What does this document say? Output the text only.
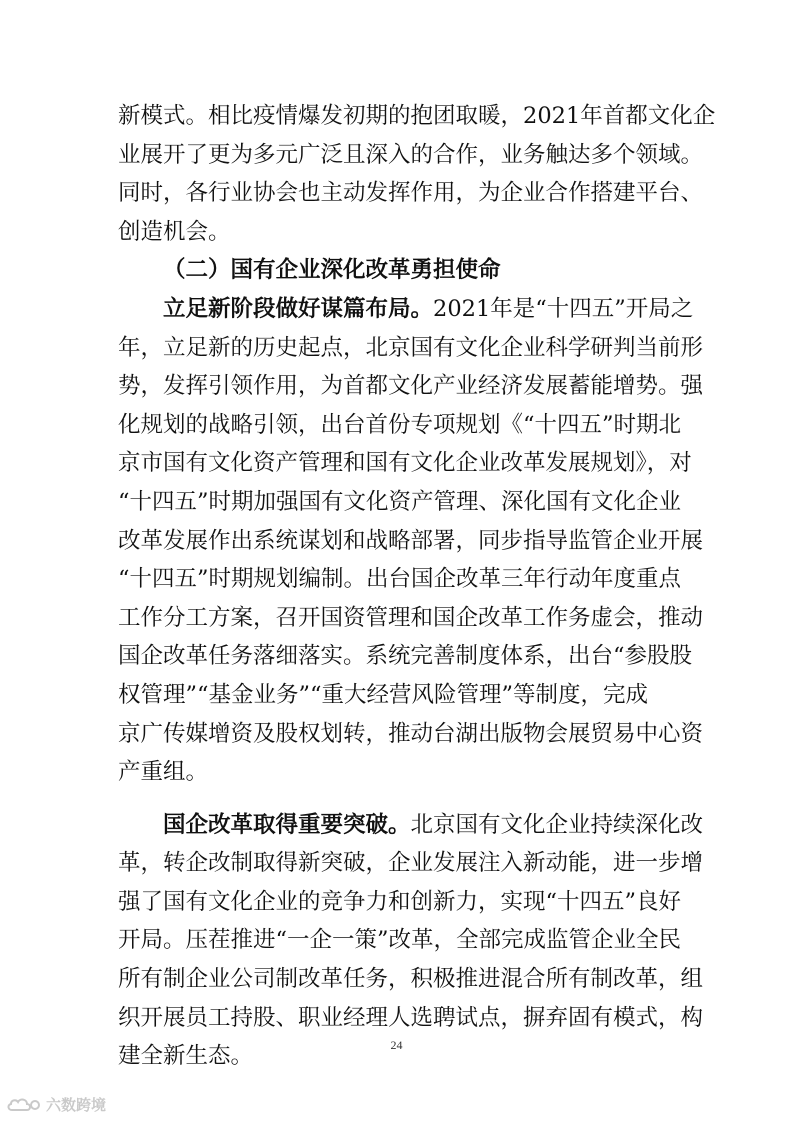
新模式。相比疫情爆发初期的抱团取暖，2021年首都文化企
业展开了更为多元广泛且深入的合作，业务触达多个领域。
同时，各行业协会也主动发挥作用，为企业合作搭建平台、
创造机会。
（二）国有企业深化改革勇担使命
立足新阶段做好谋篇布局。2021年是“十四五”开局之
年，立足新的历史起点，北京国有文化企业科学研判当前形
势，发挥引领作用，为首都文化产业经济发展蓄能增势。强
化规划的战略引领，出台首份专项规划《“十四五”时期北
京市国有文化资产管理和国有文化企业改革发展规划》，对
“十四五”时期加强国有文化资产管理、深化国有文化企业
改革发展作出系统谋划和战略部署，同步指导监管企业开展
“十四五”时期规划编制。出台国企改革三年行动年度重点
工作分工方案，召开国资管理和国企改革工作务虚会，推动
国企改革任务落细落实。系统完善制度体系，出台“参股股
权管理”“基金业务”“重大经营风险管理”等制度，完成
京广传媒增资及股权划转，推动台湖出版物会展贸易中心资
产重组。
国企改革取得重要突破。北京国有文化企业持续深化改
革，转企改制取得新突破，企业发展注入新动能，进一步增
强了国有文化企业的竞争力和创新力，实现“十四五”良好
开局。压茬推进“一企一策”改革，全部完成监管企业全民
所有制企业公司制改革任务，积极推进混合所有制改革，组
织开展员工持股、职业经理人选聘试点，摒弃固有模式，构
建全新生态。	24
六数跨境
